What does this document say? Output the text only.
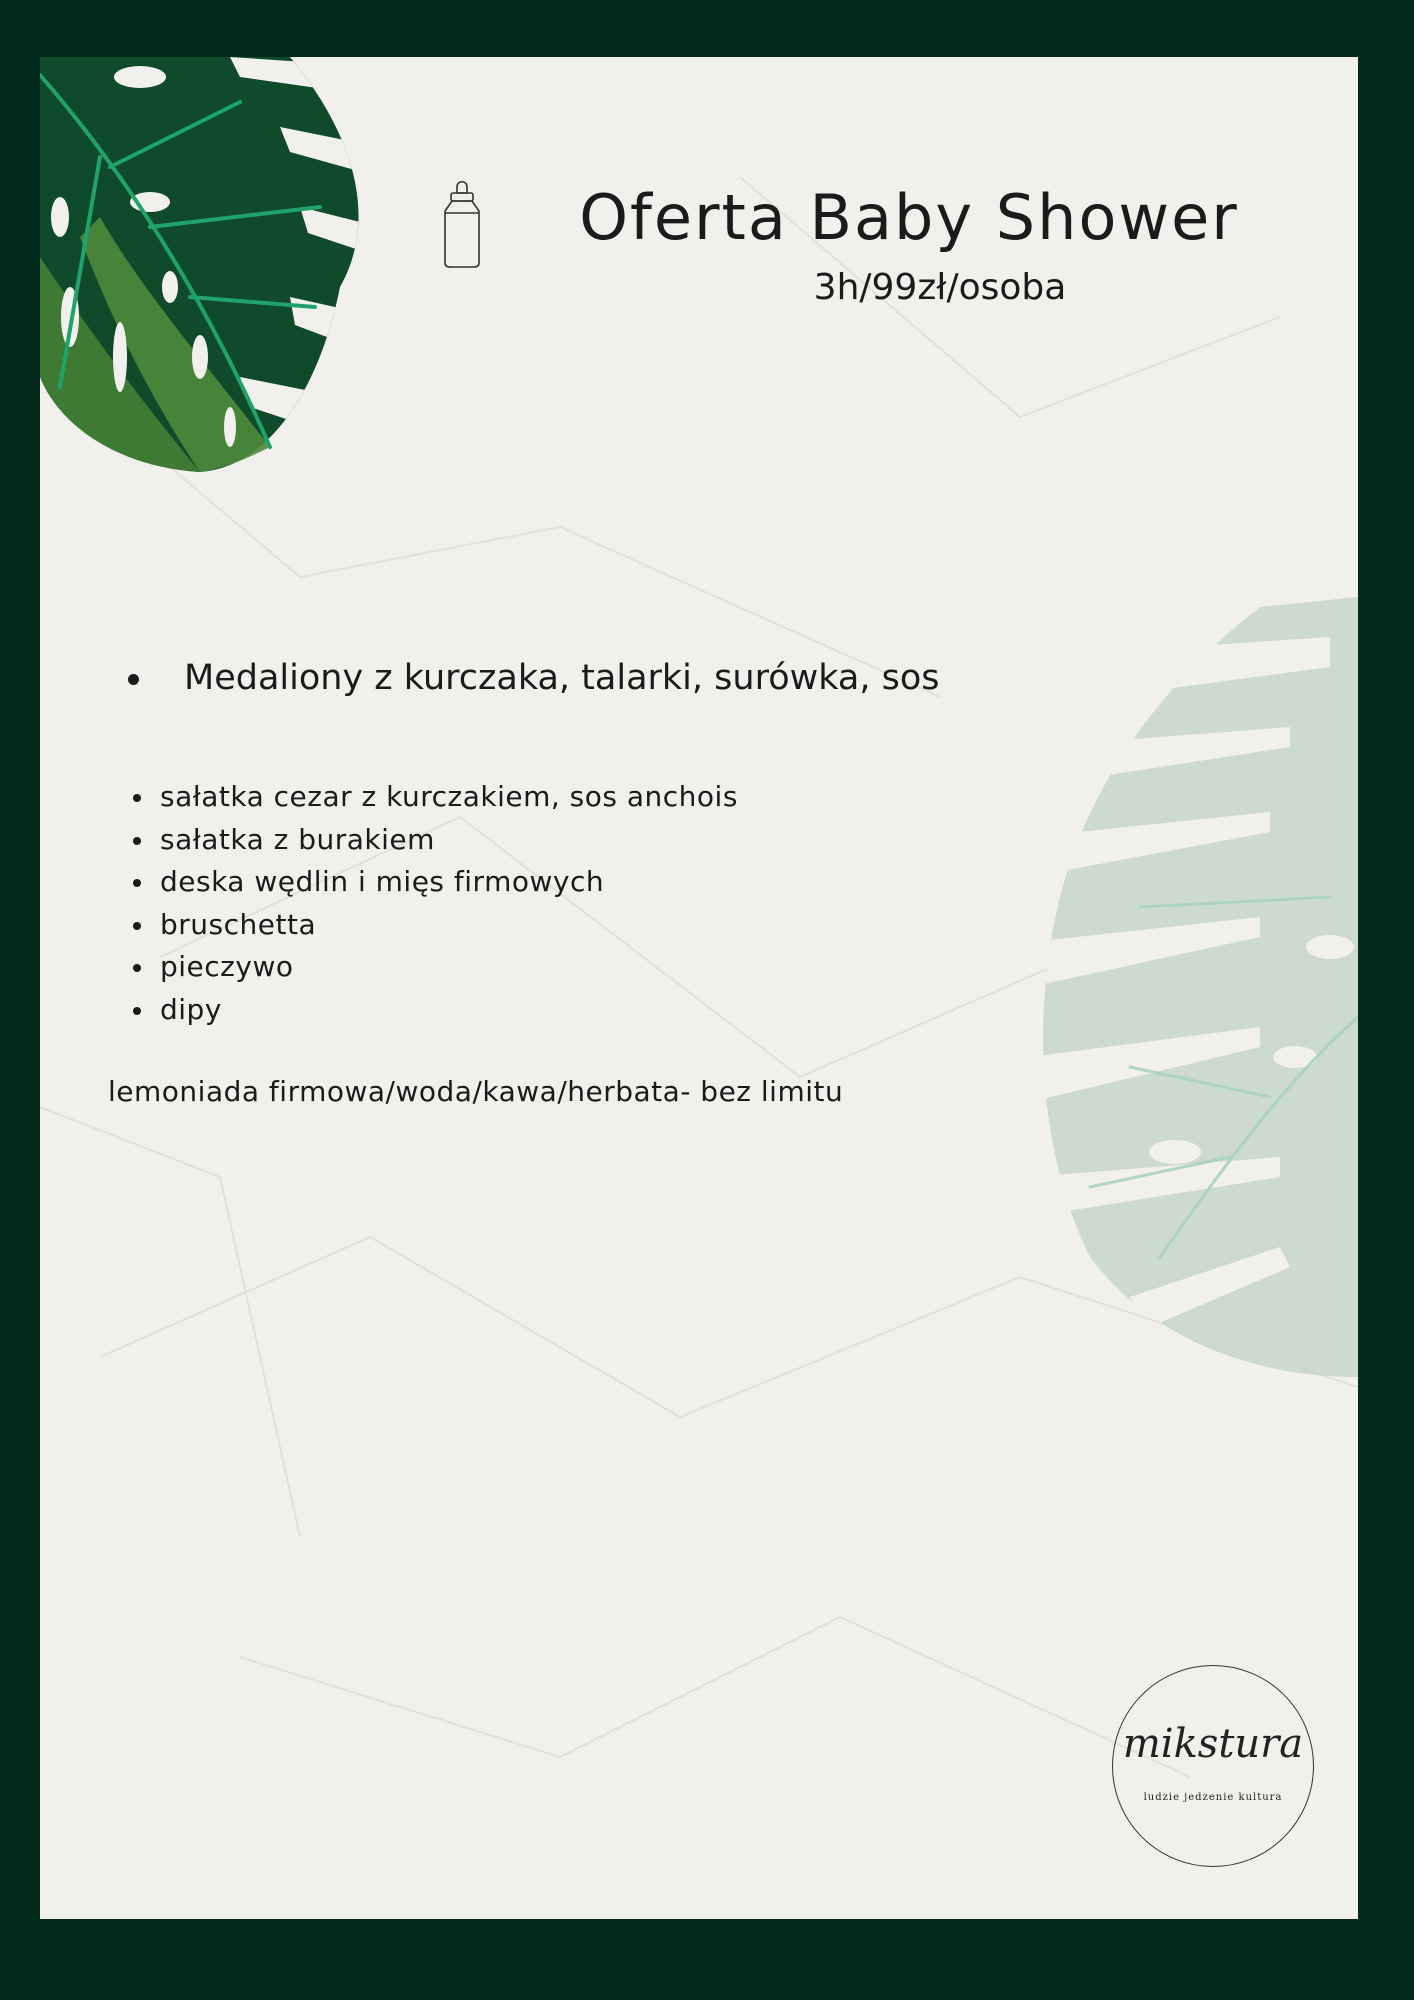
Oferta Baby Shower
3h/99zł/osoba
Medaliony z kurczaka, talarki, surówka, sos
sałatka cezar z kurczakiem, sos anchois
sałatka z burakiem
deska wędlin i mięs firmowych
bruschetta
pieczywo
dipy
lemoniada firmowa/woda/kawa/herbata- bez limitu
mikstura
ludzie jedzenie kultura
